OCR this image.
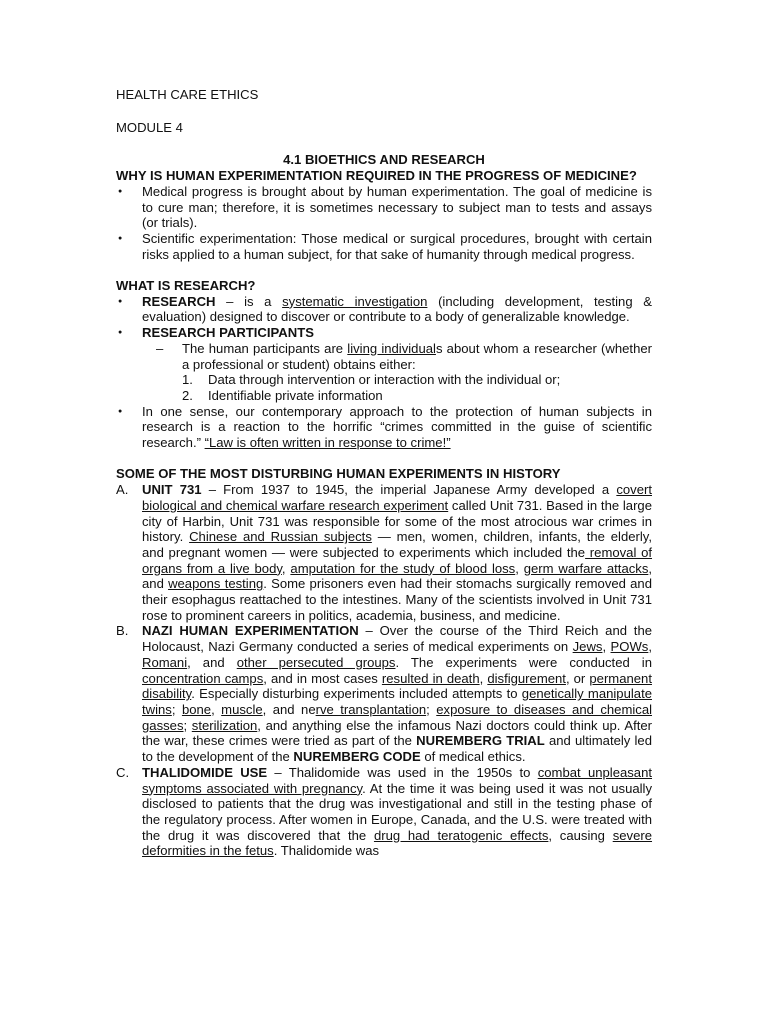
HEALTH CARE ETHICS

MODULE 4

4.1 BIOETHICS AND RESEARCH

WHY IS HUMAN EXPERIMENTATION REQUIRED IN THE PROGRESS OF MEDICINE?

● Medical progress is brought about by human experimentation. The goal of medicine is to cure man; therefore, it is sometimes necessary to subject man to tests and assays (or trials).

● Scientific experimentation: Those medical or surgical procedures, brought with certain risks applied to a human subject, for that sake of humanity through medical progress.

WHAT IS RESEARCH?

● RESEARCH – is a systematic investigation (including development, testing & evaluation) designed to discover or contribute to a body of generalizable knowledge.

● RESEARCH PARTICIPANTS

– The human participants are living individuals about whom a researcher (whether a professional or student) obtains either:

1. Data through intervention or interaction with the individual or;

2. Identifiable private information

● In one sense, our contemporary approach to the protection of human subjects in research is a reaction to the horrific “crimes committed in the guise of scientific research.” “Law is often written in response to crime!”

SOME OF THE MOST DISTURBING HUMAN EXPERIMENTS IN HISTORY

A. UNIT 731 – From 1937 to 1945, the imperial Japanese Army developed a covert biological and chemical warfare research experiment called Unit 731. Based in the large city of Harbin, Unit 731 was responsible for some of the most atrocious war crimes in history. Chinese and Russian subjects — men, women, children, infants, the elderly, and pregnant women — were subjected to experiments which included the removal of organs from a live body, amputation for the study of blood loss, germ warfare attacks, and weapons testing. Some prisoners even had their stomachs surgically removed and their esophagus reattached to the intestines. Many of the scientists involved in Unit 731 rose to prominent careers in politics, academia, business, and medicine.

B. NAZI HUMAN EXPERIMENTATION – Over the course of the Third Reich and the Holocaust, Nazi Germany conducted a series of medical experiments on Jews, POWs, Romani, and other persecuted groups. The experiments were conducted in concentration camps, and in most cases resulted in death, disfigurement, or permanent disability. Especially disturbing experiments included attempts to genetically manipulate twins; bone, muscle, and nerve transplantation; exposure to diseases and chemical gasses; sterilization, and anything else the infamous Nazi doctors could think up. After the war, these crimes were tried as part of the NUREMBERG TRIAL and ultimately led to the development of the NUREMBERG CODE of medical ethics.

C. THALIDOMIDE USE – Thalidomide was used in the 1950s to combat unpleasant symptoms associated with pregnancy. At the time it was being used it was not usually disclosed to patients that the drug was investigational and still in the testing phase of the regulatory process. After women in Europe, Canada, and the U.S. were treated with the drug it was discovered that the drug had teratogenic effects, causing severe deformities in the fetus. Thalidomide was
